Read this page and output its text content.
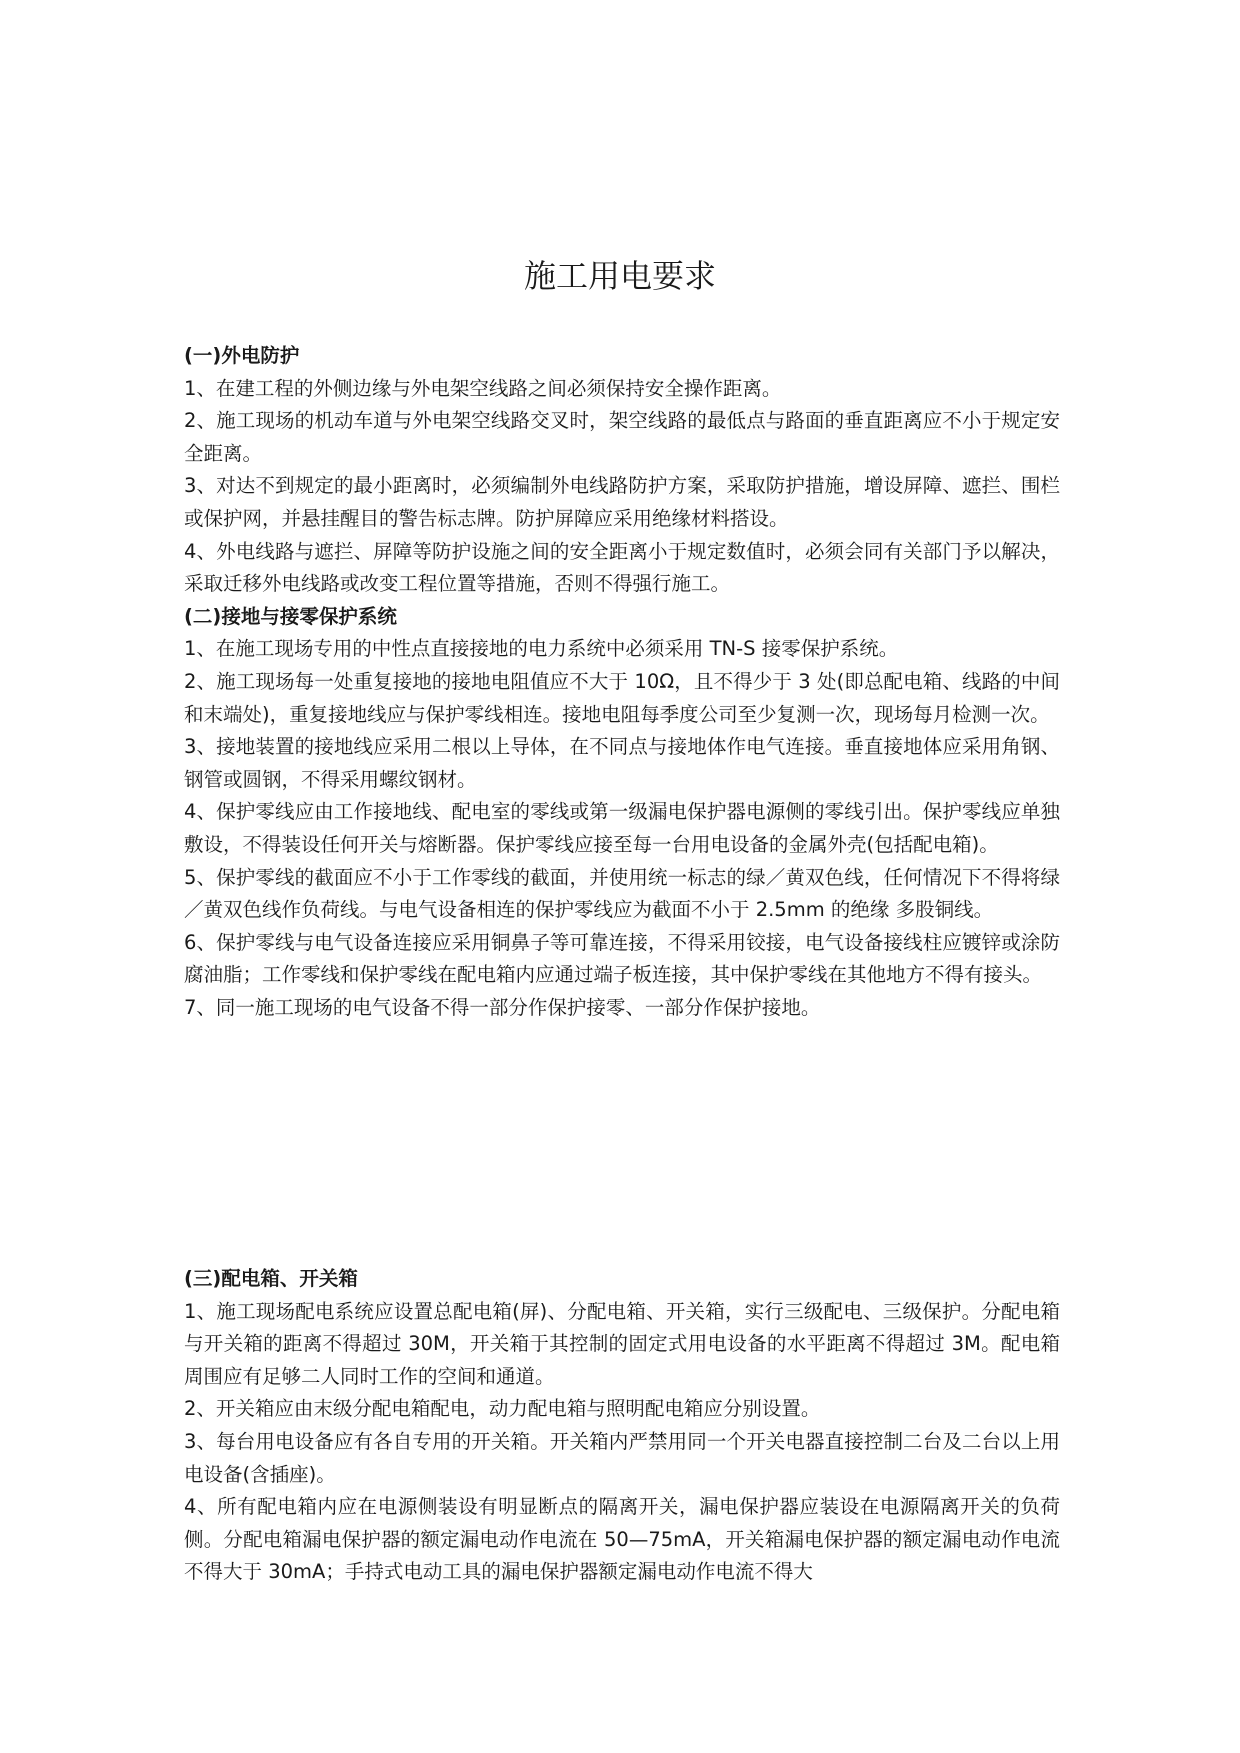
施工用电要求

(一)外电防护

1、在建工程的外侧边缘与外电架空线路之间必须保持安全操作距离。

2、施工现场的机动车道与外电架空线路交叉时，架空线路的最低点与路面的垂直距离应不小于规定安全距离。

3、对达不到规定的最小距离时，必须编制外电线路防护方案，采取防护措施，增设屏障、遮拦、围栏或保护网，并悬挂醒目的警告标志牌。防护屏障应采用绝缘材料搭设。

4、外电线路与遮拦、屏障等防护设施之间的安全距离小于规定数值时，必须会同有关部门予以解决，采取迁移外电线路或改变工程位置等措施，否则不得强行施工。

(二)接地与接零保护系统

1、在施工现场专用的中性点直接接地的电力系统中必须采用 TN-S 接零保护系统。

2、施工现场每一处重复接地的接地电阻值应不大于 10Ω，且不得少于 3 处(即总配电箱、线路的中间和末端处)，重复接地线应与保护零线相连。接地电阻每季度公司至少复测一次，现场每月检测一次。

3、接地装置的接地线应采用二根以上导体，在不同点与接地体作电气连接。垂直接地体应采用角钢、钢管或圆钢，不得采用螺纹钢材。

4、保护零线应由工作接地线、配电室的零线或第一级漏电保护器电源侧的零线引出。保护零线应单独敷设，不得装设任何开关与熔断器。保护零线应接至每一台用电设备的金属外壳(包括配电箱)。

5、保护零线的截面应不小于工作零线的截面，并使用统一标志的绿／黄双色线，任何情况下不得将绿／黄双色线作负荷线。与电气设备相连的保护零线应为截面不小于 2.5mm 的绝缘 多股铜线。

6、保护零线与电气设备连接应采用铜鼻子等可靠连接，不得采用铰接，电气设备接线柱应镀锌或涂防腐油脂；工作零线和保护零线在配电箱内应通过端子板连接，其中保护零线在其他地方不得有接头。

7、同一施工现场的电气设备不得一部分作保护接零、一部分作保护接地。

(三)配电箱、开关箱

1、施工现场配电系统应设置总配电箱(屏)、分配电箱、开关箱，实行三级配电、三级保护。分配电箱与开关箱的距离不得超过 30M，开关箱于其控制的固定式用电设备的水平距离不得超过 3M。配电箱周围应有足够二人同时工作的空间和通道。

2、开关箱应由末级分配电箱配电，动力配电箱与照明配电箱应分别设置。

3、每台用电设备应有各自专用的开关箱。开关箱内严禁用同一个开关电器直接控制二台及二台以上用电设备(含插座)。

4、所有配电箱内应在电源侧装设有明显断点的隔离开关，漏电保护器应装设在电源隔离开关的负荷侧。分配电箱漏电保护器的额定漏电动作电流在 50—75mA，开关箱漏电保护器的额定漏电动作电流不得大于 30mA；手持式电动工具的漏电保护器额定漏电动作电流不得大
